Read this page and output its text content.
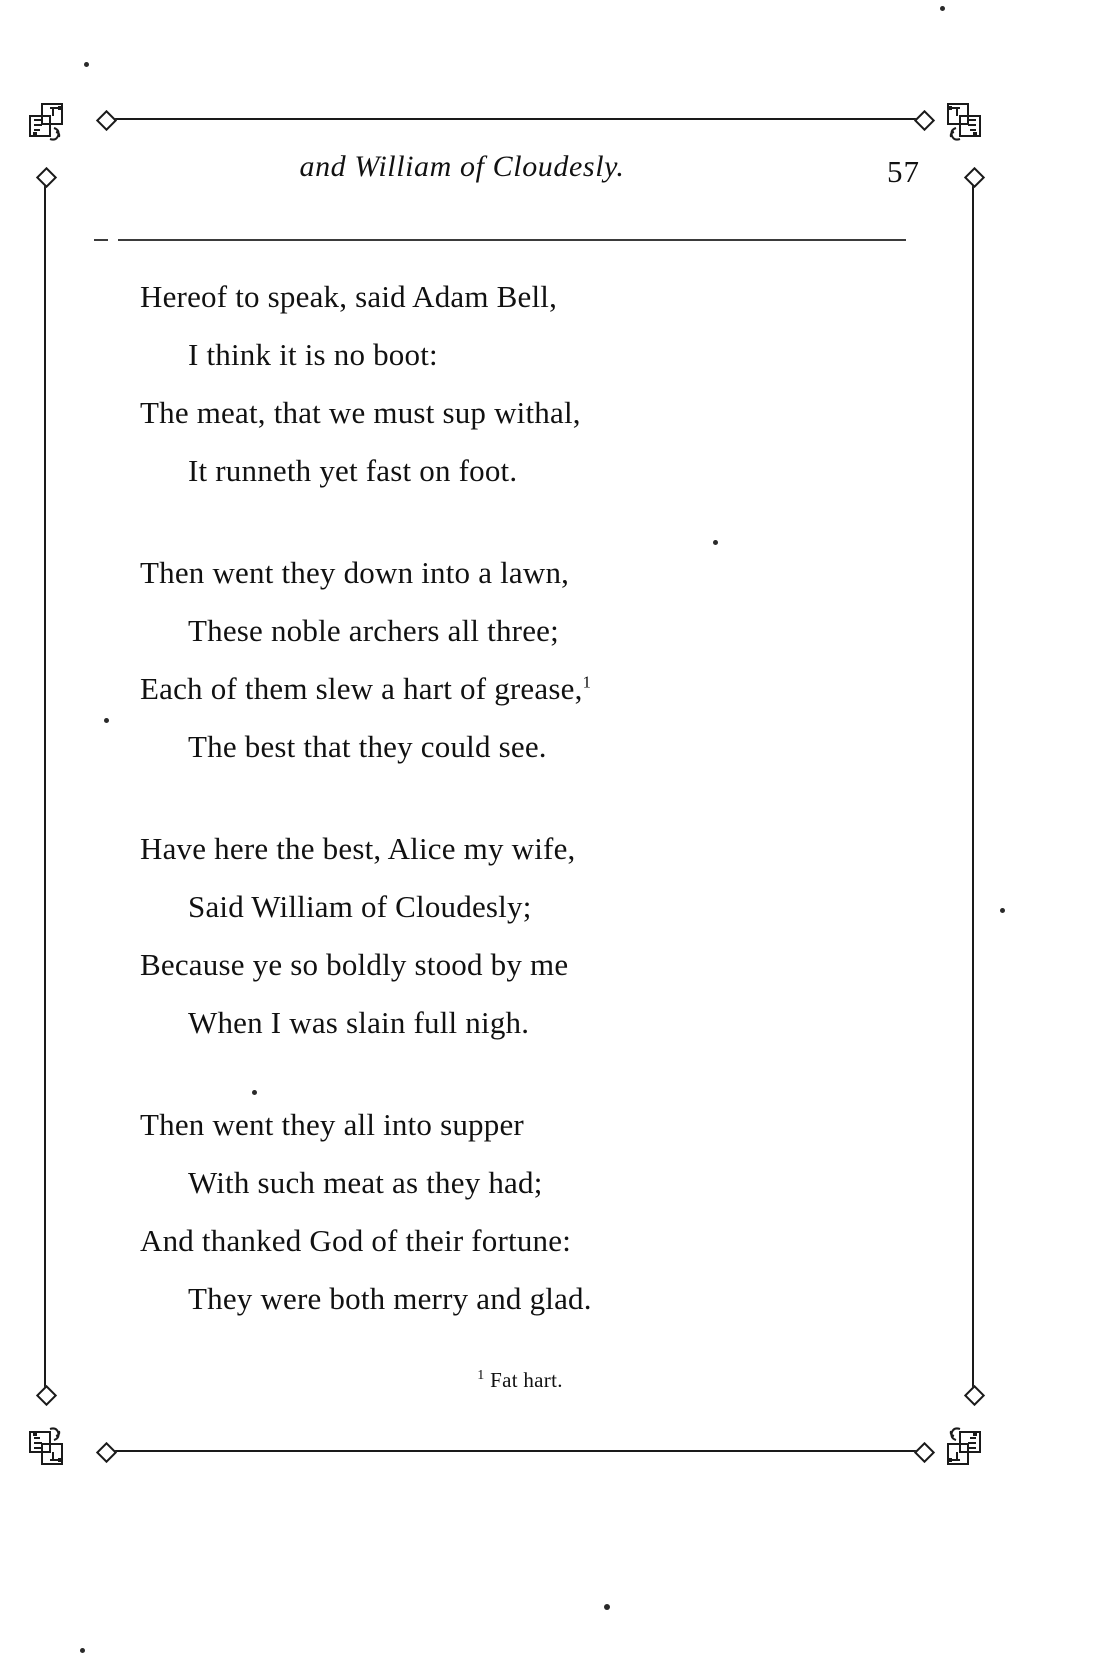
and William of Cloudesly.	57
Hereof to speak, said Adam Bell,
I think it is no boot:
The meat, that we must sup withal,
It runneth yet fast on foot.
Then went they down into a lawn,
These noble archers all three;
Each of them slew a hart of grease,$^1$
The best that they could see.
Have here the best, Alice my wife,
Said William of Cloudesly;
Because ye so boldly stood by me
When I was slain full nigh.
Then went they all into supper
With such meat as they had;
And thanked God of their fortune:
They were both merry and glad.
$^1$ Fat hart.
